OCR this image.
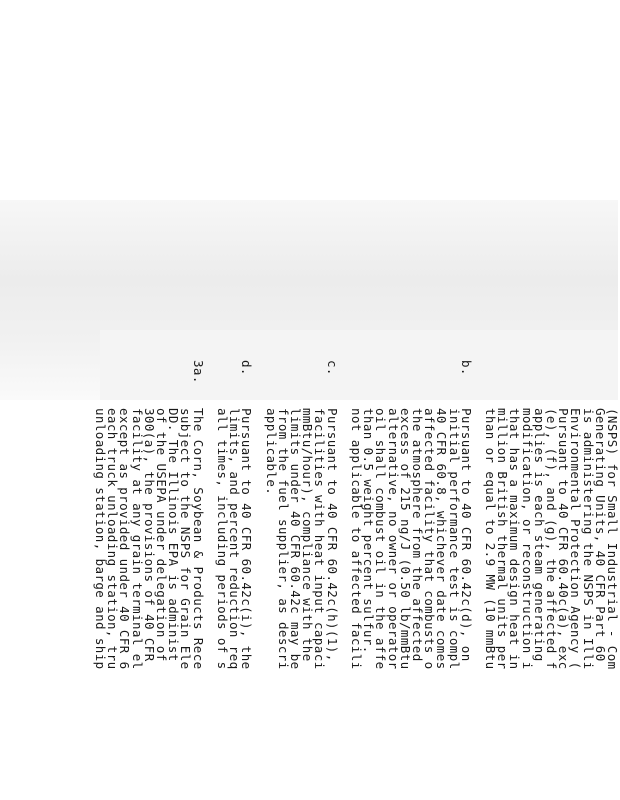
(NSPS) for Small Industrial - Com
Generating Units, 40 CFR Part 60
is administering the NSPS in Illi
Environmental Protection Agency (
Pursuant to 40 CFR 60.40c(a), exc
(e), (f), and (g), the affected f
applies is each steam generating
modification, or reconstruction i
that has a maximum design heat in
million British thermal units per
than or equal to 2.9 MW (10 mmBtu
b.
Pursuant to 40 CFR 60.42c(d), on
initial performance test is compl
40 CFR 60.8, whichever date comes
affected facility that combusts o
the atmosphere from the affected
excess of 215 ng/J (0.50 lb/mmBtu
alternative, no owner or operator
oil shall combust oil in the affe
than 0.5 weight percent sulfur.
not applicable to affected facili
c.
Pursuant to 40 CFR 60.42c(h)(1),
facilities with heat input capaci
mmBtu/hour), compliance with the
limits under 40 CFR 60.42c may be
from the fuel supplier, as descri
applicable.
d.
Pursuant to 40 CFR 60.42c(i), the
limits, and percent reduction req
all times, including periods of s
3a.
The Corn, Soybean & Products Rece
subject to the NSPS for Grain Ele
DD. The Illinois EPA is administ
of the USEPA under delegation of
300(a), the provisions of 40 CFR
facility at any grain terminal el
except as provided under 40 CFR 6
each truck unloading station, tru
unloading station, barge and ship
